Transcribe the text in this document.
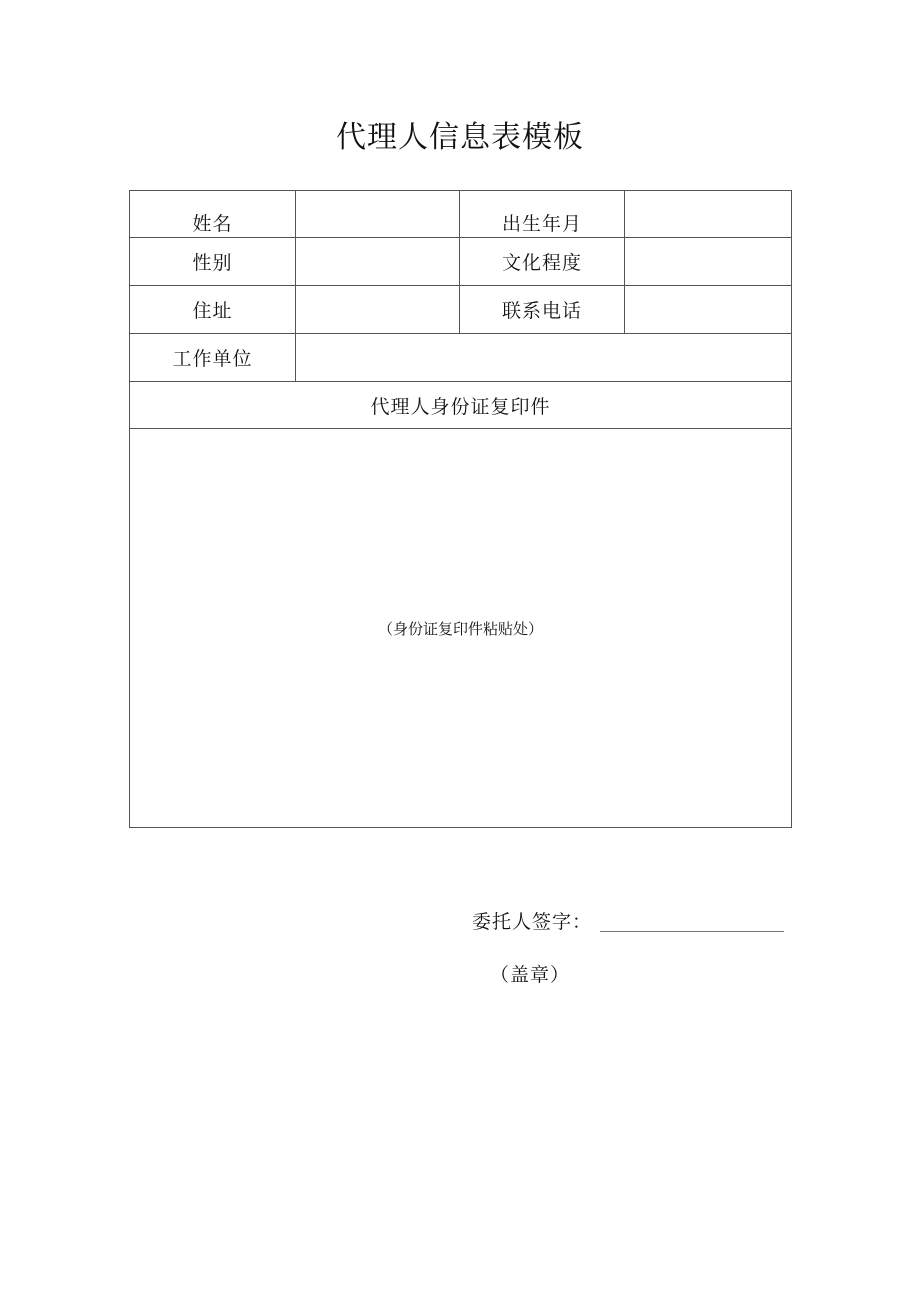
代理人信息表模板
姓名		出生年月	
性别		文化程度	
住址		联系电话	
工作单位			
代理人身份证复印件			
（身份证复印件粘贴处）			
委托人签字：
（盖章）
